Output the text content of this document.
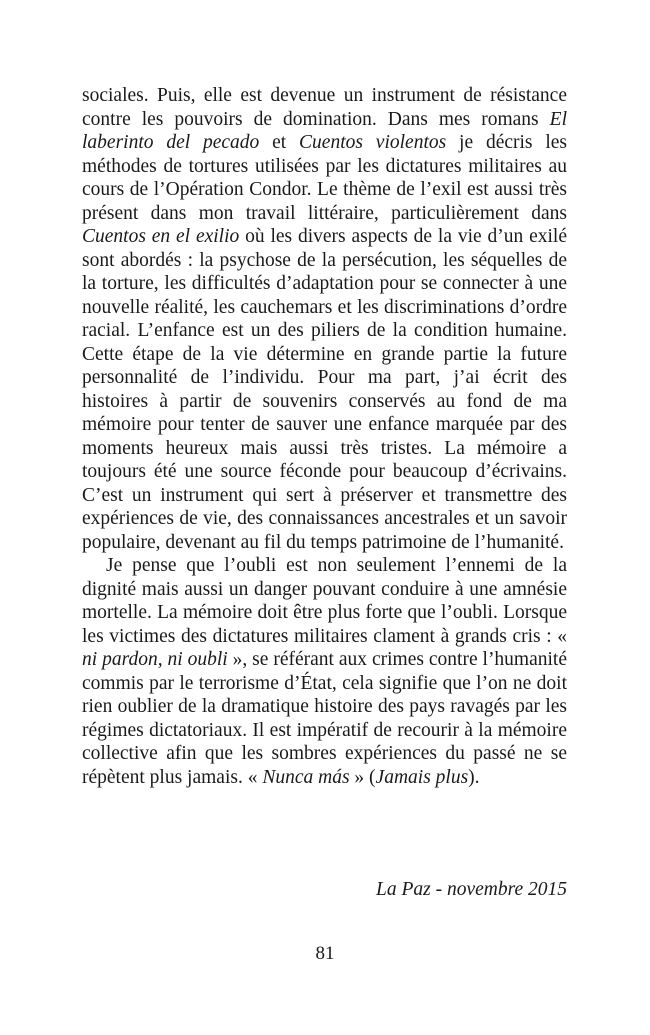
sociales. Puis, elle est devenue un instrument de résistance contre les pouvoirs de domination. Dans mes romans El laberinto del pecado et Cuentos violentos je décris les méthodes de tortures utilisées par les dictatures militaires au cours de l’Opération Condor. Le thème de l’exil est aussi très présent dans mon travail littéraire, particulièrement dans Cuentos en el exilio où les divers aspects de la vie d’un exilé sont abordés : la psychose de la persécution, les séquelles de la torture, les difficultés d’adaptation pour se connecter à une nouvelle réalité, les cauchemars et les discriminations d’ordre racial. L’enfance est un des piliers de la condition humaine. Cette étape de la vie détermine en grande partie la future personnalité de l’individu. Pour ma part, j’ai écrit des histoires à partir de souvenirs conservés au fond de ma mémoire pour tenter de sauver une enfance marquée par des moments heureux mais aussi très tristes. La mémoire a toujours été une source féconde pour beaucoup d’écrivains. C’est un instrument qui sert à préserver et transmettre des expériences de vie, des connaissances ancestrales et un savoir populaire, devenant au fil du temps patrimoine de l’humanité.

Je pense que l’oubli est non seulement l’ennemi de la dignité mais aussi un danger pouvant conduire à une amnésie mortelle. La mémoire doit être plus forte que l’oubli. Lorsque les victimes des dictatures militaires clament à grands cris : « ni pardon, ni oubli », se référant aux crimes contre l’humanité commis par le terrorisme d’État, cela signifie que l’on ne doit rien oublier de la dramatique histoire des pays ravagés par les régimes dictatoriaux. Il est impératif de recourir à la mémoire collective afin que les sombres expériences du passé ne se répètent plus jamais. « Nunca más » (Jamais plus).

La Paz - novembre 2015
81
